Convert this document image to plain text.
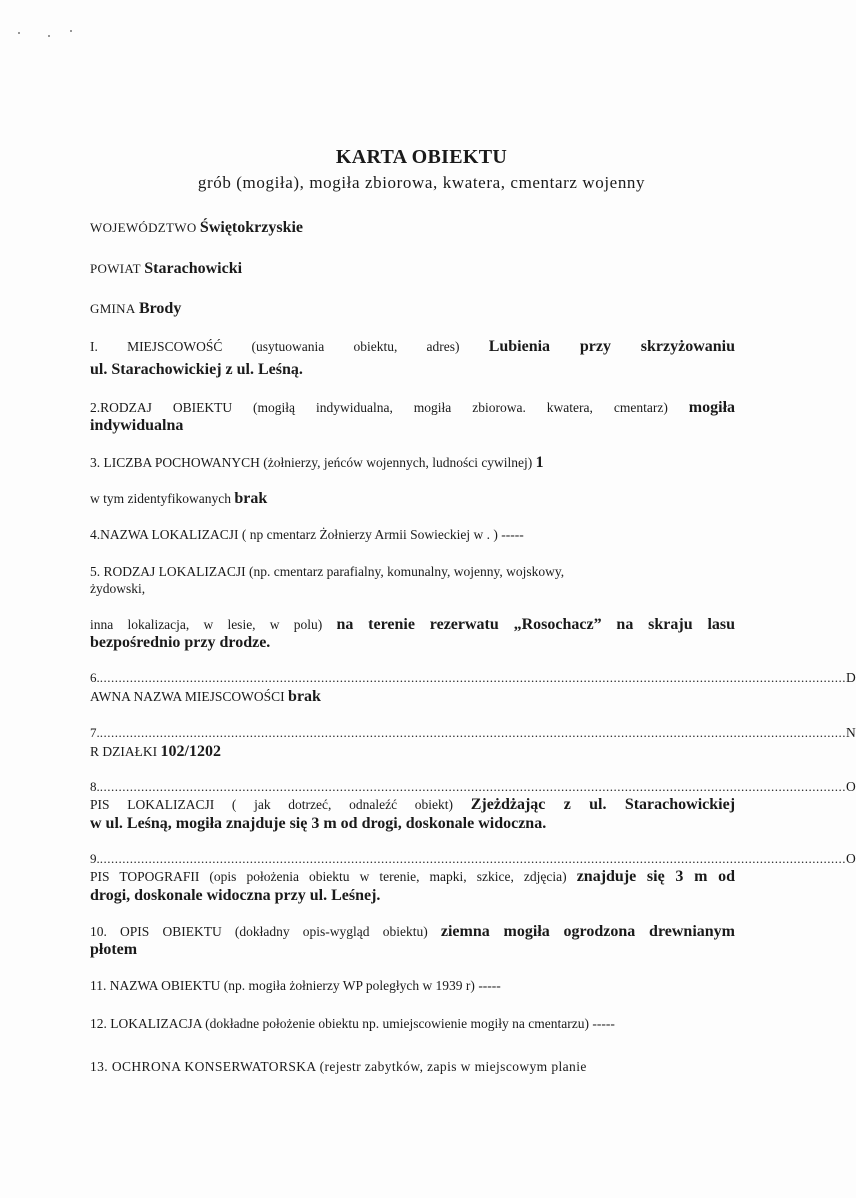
KARTA OBIEKTU
grób (mogiła), mogiła zbiorowa, kwatera, cmentarz wojenny
WOJEWÓDZTWO Świętokrzyskie
POWIAT Starachowicki
GMINA Brody
I. MIEJSCOWOŚĆ (usytuowania obiektu, adres) Lubienia przy skrzyżowaniu
ul. Starachowickiej z ul. Leśną.
2.RODZAJ OBIEKTU (mogiłą indywidualna, mogiła zbiorowa. kwatera, cmentarz) mogiła
indywidualna
3. LICZBA POCHOWANYCH (żołnierzy, jeńców wojennych, ludności cywilnej) 1
w tym zidentyfikowanych brak
4.NAZWA LOKALIZACJI ( np cmentarz Żołnierzy Armii Sowieckiej w . ) -----
5. RODZAJ LOKALIZACJI (np. cmentarz parafialny, komunalny, wojenny, wojskowy,
żydowski,
inna lokalizacja, w lesie, w polu) na terenie rezerwatu „Rosochacz” na skraju lasu
bezpośrednio przy drodze.
6. ....................................................................................................................................................................................................... D
AWNA NAZWA MIEJSCOWOŚCI brak
7. ....................................................................................................................................................................................................... N
R DZIAŁKI 102/1202
8. ....................................................................................................................................................................................................... O
PIS LOKALIZACJI ( jak dotrzeć, odnaleźć obiekt) Zjeżdżając z ul. Starachowickiej
w ul. Leśną, mogiła znajduje się 3 m od drogi, doskonale widoczna.
9. ....................................................................................................................................................................................................... O
PIS TOPOGRAFII (opis położenia obiektu w terenie, mapki, szkice, zdjęcia) znajduje się 3 m od
drogi, doskonale widoczna przy ul. Leśnej.
10. OPIS OBIEKTU (dokładny opis-wygląd obiektu) ziemna mogiła ogrodzona drewnianym
płotem
11. NAZWA OBIEKTU (np. mogiła żołnierzy WP poległych w 1939 r) -----
12. LOKALIZACJA (dokładne położenie obiektu np. umiejscowienie mogiły na cmentarzu) -----
13. OCHRONA KONSERWATORSKA (rejestr zabytków, zapis w miejscowym planie
